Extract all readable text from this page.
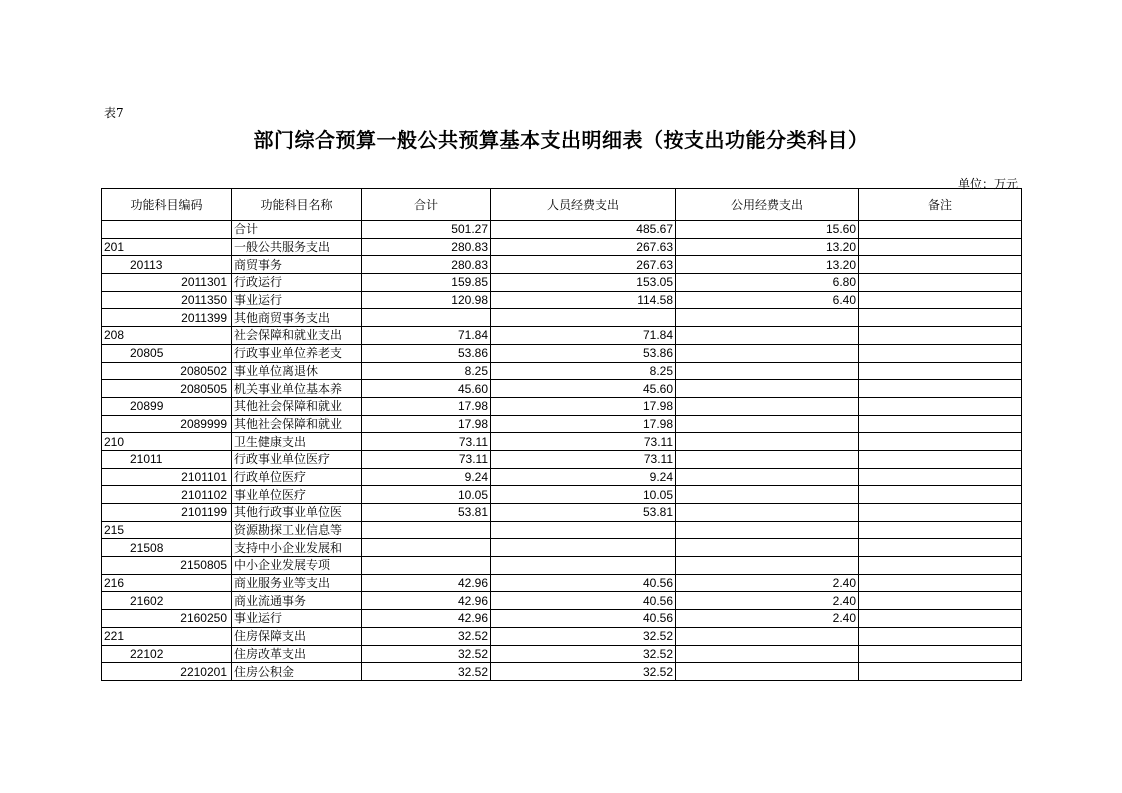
表7
部门综合预算一般公共预算基本支出明细表（按支出功能分类科目）
单位：万元
功能科目编码	功能科目名称	合计	人员经费支出	公用经费支出	备注
	合计	501.27	485.67	15.60	
201	一般公共服务支出	280.83	267.63	13.20	
20113	商贸事务	280.83	267.63	13.20	
2011301	行政运行	159.85	153.05	6.80	
2011350	事业运行	120.98	114.58	6.40	
2011399	其他商贸事务支出				
208	社会保障和就业支出	71.84	71.84		
20805	行政事业单位养老支	53.86	53.86		
2080502	事业单位离退休	8.25	8.25		
2080505	机关事业单位基本养	45.60	45.60		
20899	其他社会保障和就业	17.98	17.98		
2089999	其他社会保障和就业	17.98	17.98		
210	卫生健康支出	73.11	73.11		
21011	行政事业单位医疗	73.11	73.11		
2101101	行政单位医疗	9.24	9.24		
2101102	事业单位医疗	10.05	10.05		
2101199	其他行政事业单位医	53.81	53.81		
215	资源勘探工业信息等				
21508	支持中小企业发展和				
2150805	中小企业发展专项				
216	商业服务业等支出	42.96	40.56	2.40	
21602	商业流通事务	42.96	40.56	2.40	
2160250	事业运行	42.96	40.56	2.40	
221	住房保障支出	32.52	32.52		
22102	住房改革支出	32.52	32.52		
2210201	住房公积金	32.52	32.52		
